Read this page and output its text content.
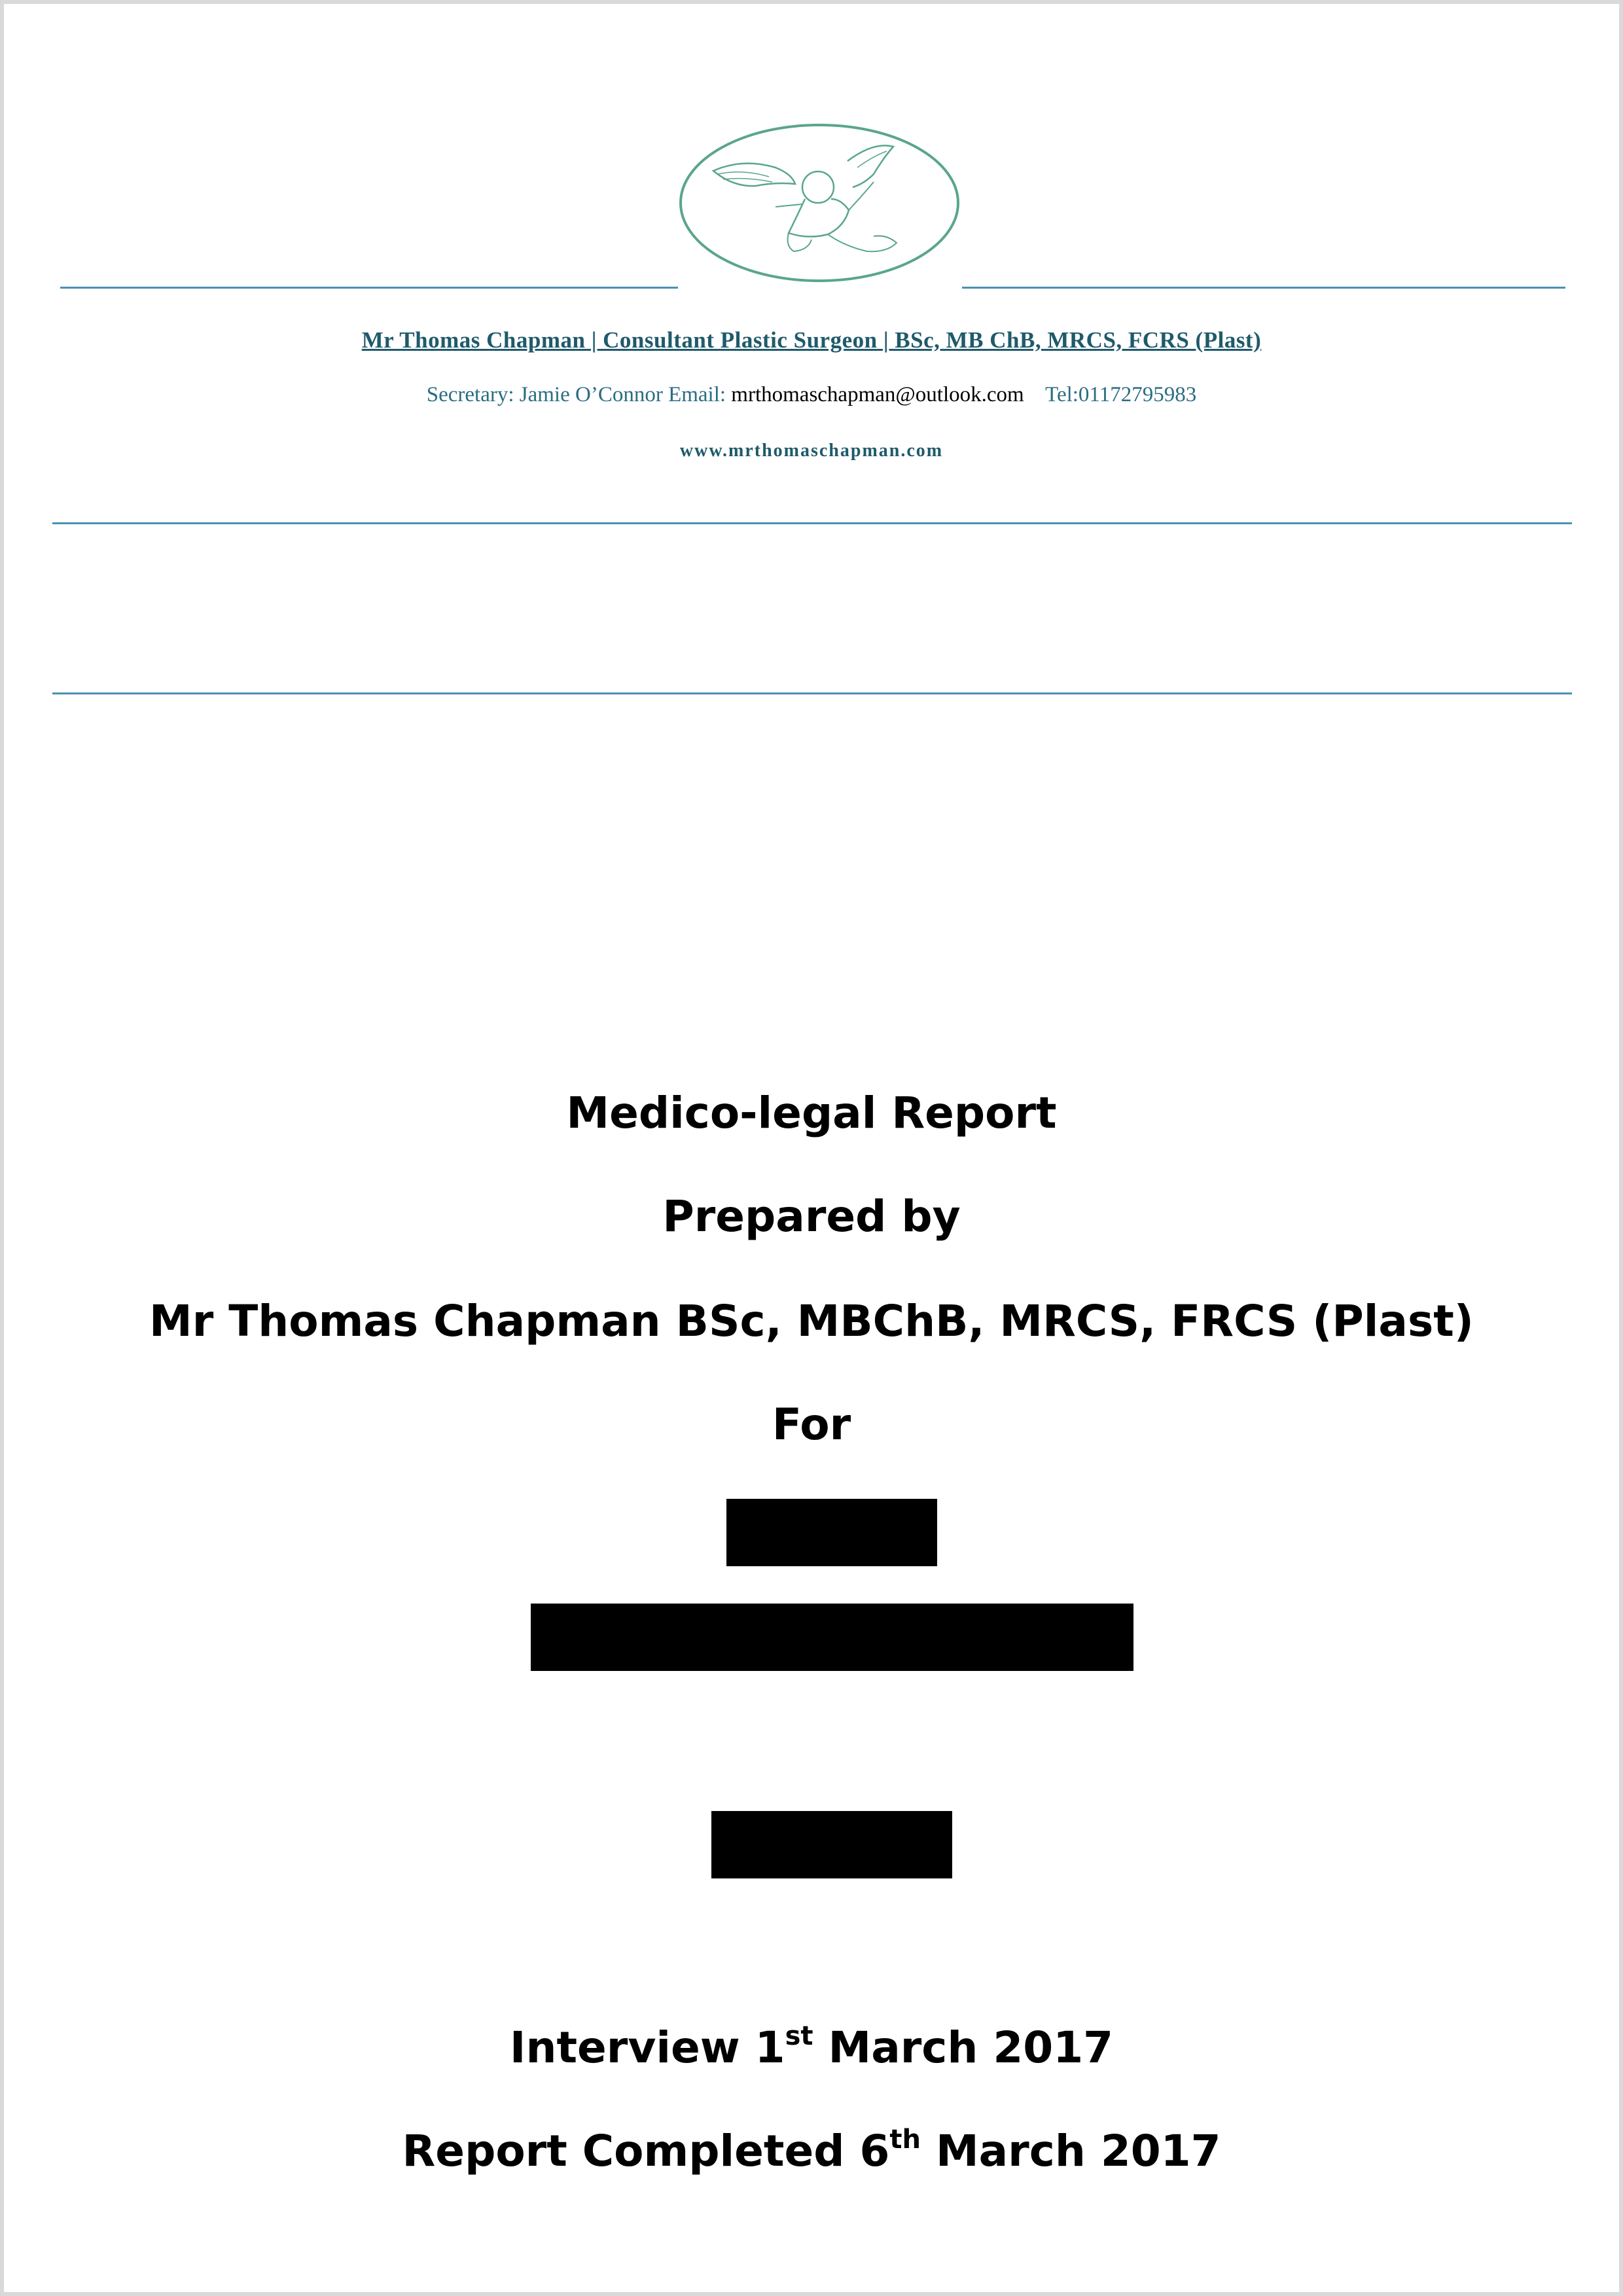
Mr Thomas Chapman | Consultant Plastic Surgeon | BSc, MB ChB, MRCS, FCRS (Plast)
Secretary: Jamie O’Connor Email: mrthomaschapman@outlook.com Tel:01172795983
www.mrthomaschapman.com
Medico-legal Report
Prepared by
Mr Thomas Chapman BSc, MBChB, MRCS, FRCS (Plast)
For
Interview 1st March 2017
Report Completed 6th March 2017
